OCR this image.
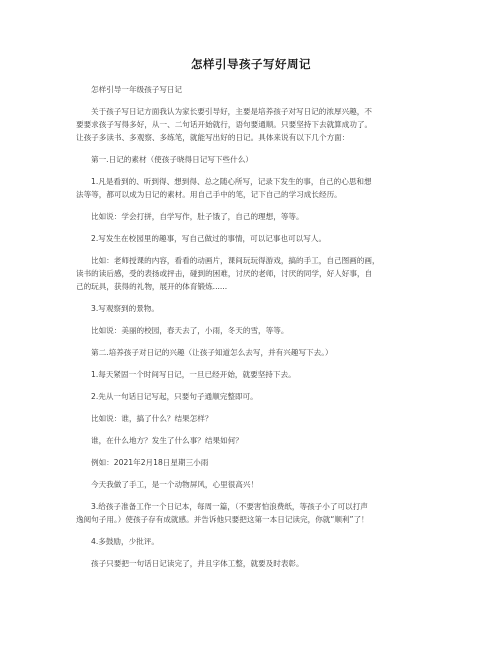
怎样引导孩子写好周记
怎样引导一年级孩子写日记
关于孩子写日记方面我认为家长要引导好，主要是培养孩子对写日记的浓厚兴趣，不
要要求孩子写得多好，从一、二句话开始就行，语句要通顺。只要坚持下去就算成功了。
让孩子多读书、多观察、多练笔，就能写出好的日记。具体来说有以下几个方面：
第一.日记的素材（使孩子晓得日记写下些什么）
1.凡是看到的、听到得、想到得、总之随心所写，记录下发生的事，自己的心思和想
法等等，都可以成为日记的素材。用自己手中的笔，记下自己的学习成长经历。
比如说：学会打拼，自学写作，肚子饿了，自己的理想，等等。
2.写发生在校园里的趣事，写自己做过的事情，可以记事也可以写人。
比如：老师授课的内容，看看的动画片，课间玩玩得游戏，搞的手工，自己图画的画，
读书的读后感，受的表扬或抨击，碰到的困难，讨厌的老师，讨厌的同学，好人好事，自
己的玩具，获得的礼物，展开的体育锻炼......
3.写观察到的景物。
比如说：美丽的校园，春天去了，小雨，冬天的雪，等等。
第二.培养孩子对日记的兴趣（让孩子知道怎么去写，并有兴趣写下去。）
1.每天紧固一个时间写日记，一旦已经开始，就要坚持下去。
2.先从一句话日记写起，只要句子通顺完整即可。
比如说：谁，搞了什么？结果怎样？
谁，在什么地方？发生了什么事？结果如何？
例如：2021年2月18日星期三小雨
今天我做了手工，是一个动物屏风，心里很高兴！
3.给孩子准备工作一个日记本，每周一篇，（不要害怕浪费纸，等孩子小了可以打声
逸阅句子用。）使孩子存有成就感。并告诉他只要把这第一本日记读完，你就“顺利”了！
4.多鼓励，少批评。
孩子只要把一句话日记读完了，并且字体工整，就要及时表彰。
